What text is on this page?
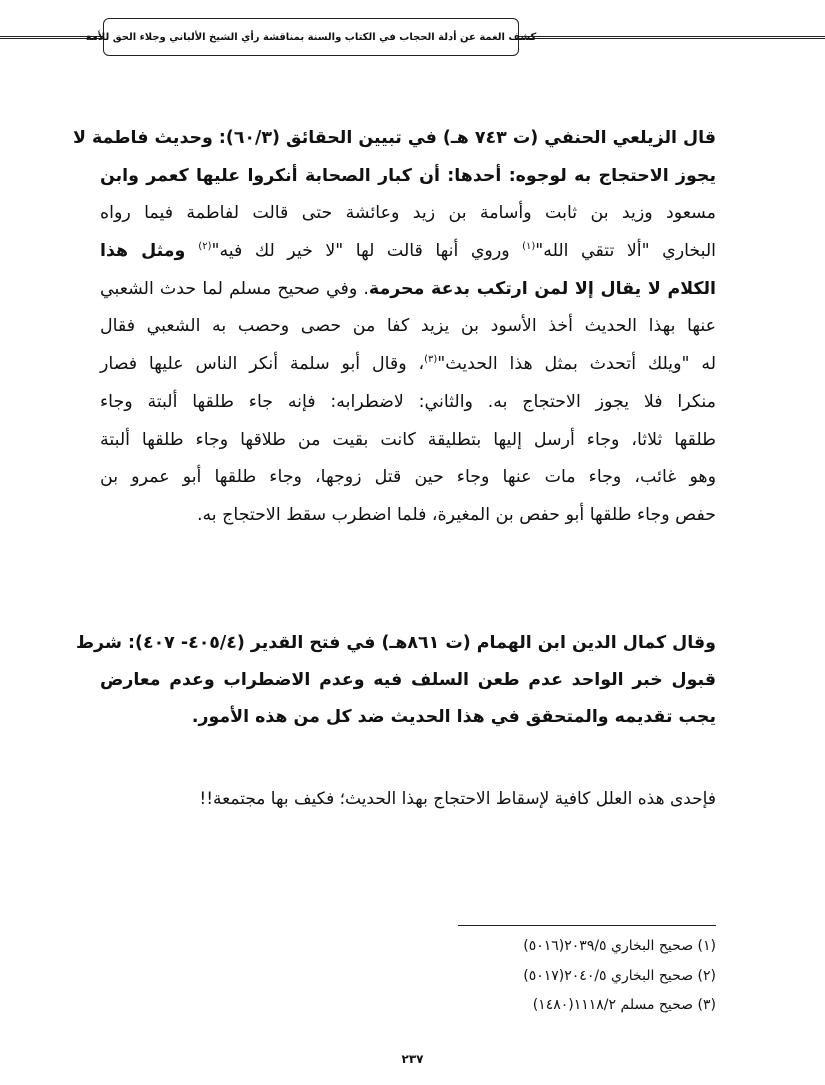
كشف الغمة عن أدلة الحجاب في الكتاب والسنة بمناقشة رأي الشيخ الألباني وجلاء الحق للأمة
قال الزيلعي الحنفي (ت ٧٤٣ هـ) في تبيين الحقائق (٦٠/٣): وحديث فاطمة لا
يجوز الاحتجاج به لوجوه: أحدها: أن كبار الصحابة أنكروا عليها كعمر وابن
مسعود وزيد بن ثابت وأسامة بن زيد وعائشة حتى قالت لفاطمة فيما رواه
البخاري "ألا تتقي الله"$^{(١)}$ وروي أنها قالت لها "لا خير لك فيه"$^{(٢)}$ ومثل هذا
الكلام لا يقال إلا لمن ارتكب بدعة محرمة. وفي صحيح مسلم لما حدث الشعبي
عنها بهذا الحديث أخذ الأسود بن يزيد كفا من حصى وحصب به الشعبي فقال
له "ويلك أتحدث بمثل هذا الحديث"$^{(٣)}$، وقال أبو سلمة أنكر الناس عليها فصار
منكرا فلا يجوز الاحتجاج به. والثاني: لاضطرابه: فإنه جاء طلقها ألبتة وجاء
طلقها ثلاثا، وجاء أرسل إليها بتطليقة كانت بقيت من طلاقها وجاء طلقها ألبتة
وهو غائب، وجاء مات عنها وجاء حين قتل زوجها، وجاء طلقها أبو عمرو بن
حفص وجاء طلقها أبو حفص بن المغيرة، فلما اضطرب سقط الاحتجاج به.
وقال كمال الدين ابن الهمام (ت ٨٦١هـ) في فتح القدير (٤٠٥/٤- ٤٠٧): شرط
قبول خبر الواحد عدم طعن السلف فيه وعدم الاضطراب وعدم معارض
يجب تقديمه والمتحقق في هذا الحديث ضد كل من هذه الأمور.
فإحدى هذه العلل كافية لإسقاط الاحتجاج بهذا الحديث؛ فكيف بها مجتمعة!!
(١) صحيح البخاري ٢٠٣٩/٥(٥٠١٦)
(٢) صحيح البخاري ٢٠٤٠/٥(٥٠١٧)
(٣) صحيح مسلم ١١١٨/٢(١٤٨٠)
٢٣٧
